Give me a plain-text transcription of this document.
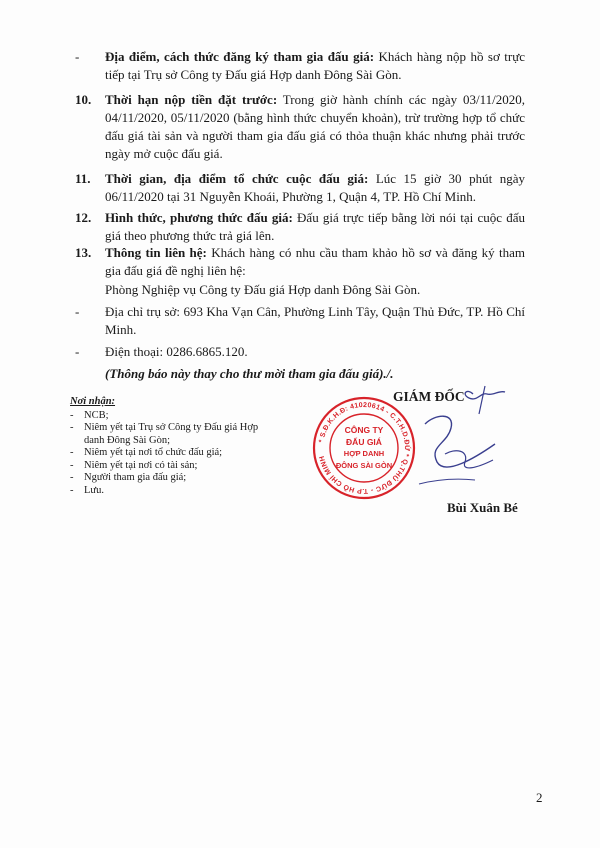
- Địa điểm, cách thức đăng ký tham gia đấu giá: Khách hàng nộp hồ sơ trực tiếp tại Trụ sở Công ty Đấu giá Hợp danh Đông Sài Gòn.
10. Thời hạn nộp tiền đặt trước: Trong giờ hành chính các ngày 03/11/2020, 04/11/2020, 05/11/2020 (bằng hình thức chuyển khoản), trừ trường hợp tổ chức đấu giá tài sản và người tham gia đấu giá có thỏa thuận khác nhưng phải trước ngày mở cuộc đấu giá.
11. Thời gian, địa điểm tổ chức cuộc đấu giá: Lúc 15 giờ 30 phút ngày 06/11/2020 tại 31 Nguyễn Khoái, Phường 1, Quận 4, TP. Hồ Chí Minh.
12. Hình thức, phương thức đấu giá: Đấu giá trực tiếp bằng lời nói tại cuộc đấu giá theo phương thức trả giá lên.
13. Thông tin liên hệ: Khách hàng có nhu cầu tham khảo hồ sơ và đăng ký tham gia đấu giá đề nghị liên hệ:
Phòng Nghiệp vụ Công ty Đấu giá Hợp danh Đông Sài Gòn.
- Địa chỉ trụ sở: 693 Kha Vạn Cân, Phường Linh Tây, Quận Thủ Đức, TP. Hồ Chí Minh.
- Điện thoại: 0286.6865.120.
(Thông báo này thay cho thư mời tham gia đấu giá)./.
Nơi nhận:
- NCB;
- Niêm yết tại Trụ sở Công ty Đấu giá Hợp danh Đông Sài Gòn;
- Niêm yết tại nơi tổ chức đấu giá;
- Niêm yết tại nơi có tài sản;
- Người tham gia đấu giá;
- Lưu.
GIÁM ĐỐC
* S.Đ.K.H.Đ: 41020614 - C.T.H.D.ĐỨ * Q.THỦ ĐỨC - T.P HỒ CHÍ MINH
CÔNG TY
ĐẤU GIÁ
HỢP DANH
ĐÔNG SÀI GÒN
Bùi Xuân Bé
2
